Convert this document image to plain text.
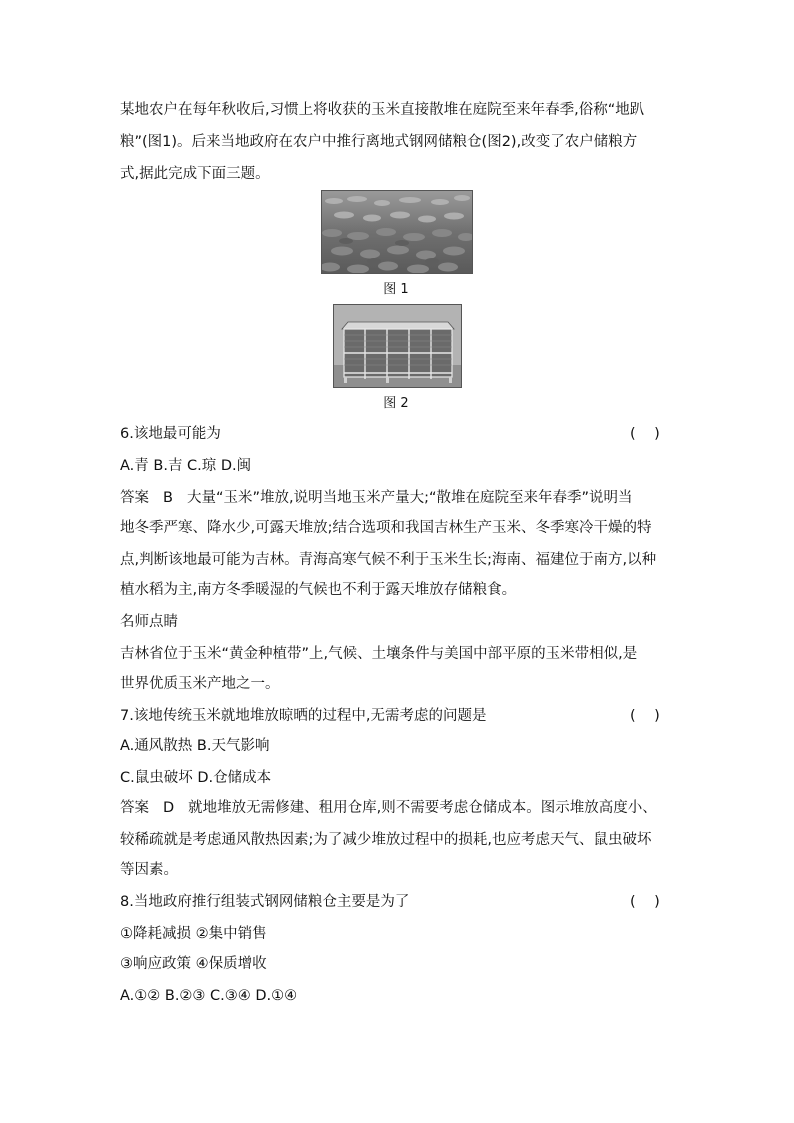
某地农户在每年秋收后,习惯上将收获的玉米直接散堆在庭院至来年春季,俗称“地趴
粮”(图1)。后来当地政府在农户中推行离地式钢网储粮仓(图2),改变了农户储粮方
式,据此完成下面三题。
图 1
图 2
6.该地最可能为	(    )
A.青 B.吉 C.琼 D.闽
答案 B 大量“玉米”堆放,说明当地玉米产量大;“散堆在庭院至来年春季”说明当
地冬季严寒、降水少,可露天堆放;结合选项和我国吉林生产玉米、冬季寒冷干燥的特
点,判断该地最可能为吉林。青海高寒气候不利于玉米生长;海南、福建位于南方,以种
植水稻为主,南方冬季暖湿的气候也不利于露天堆放存储粮食。
名师点睛
吉林省位于玉米“黄金种植带”上,气候、土壤条件与美国中部平原的玉米带相似,是
世界优质玉米产地之一。
7.该地传统玉米就地堆放晾晒的过程中,无需考虑的问题是	(    )
A.通风散热 B.天气影响
C.鼠虫破坏 D.仓储成本
答案 D 就地堆放无需修建、租用仓库,则不需要考虑仓储成本。图示堆放高度小、
较稀疏就是考虑通风散热因素;为了减少堆放过程中的损耗,也应考虑天气、鼠虫破坏
等因素。
8.当地政府推行组装式钢网储粮仓主要是为了	(    )
①降耗减损 ②集中销售
③响应政策 ④保质增收
A.①② B.②③ C.③④ D.①④
